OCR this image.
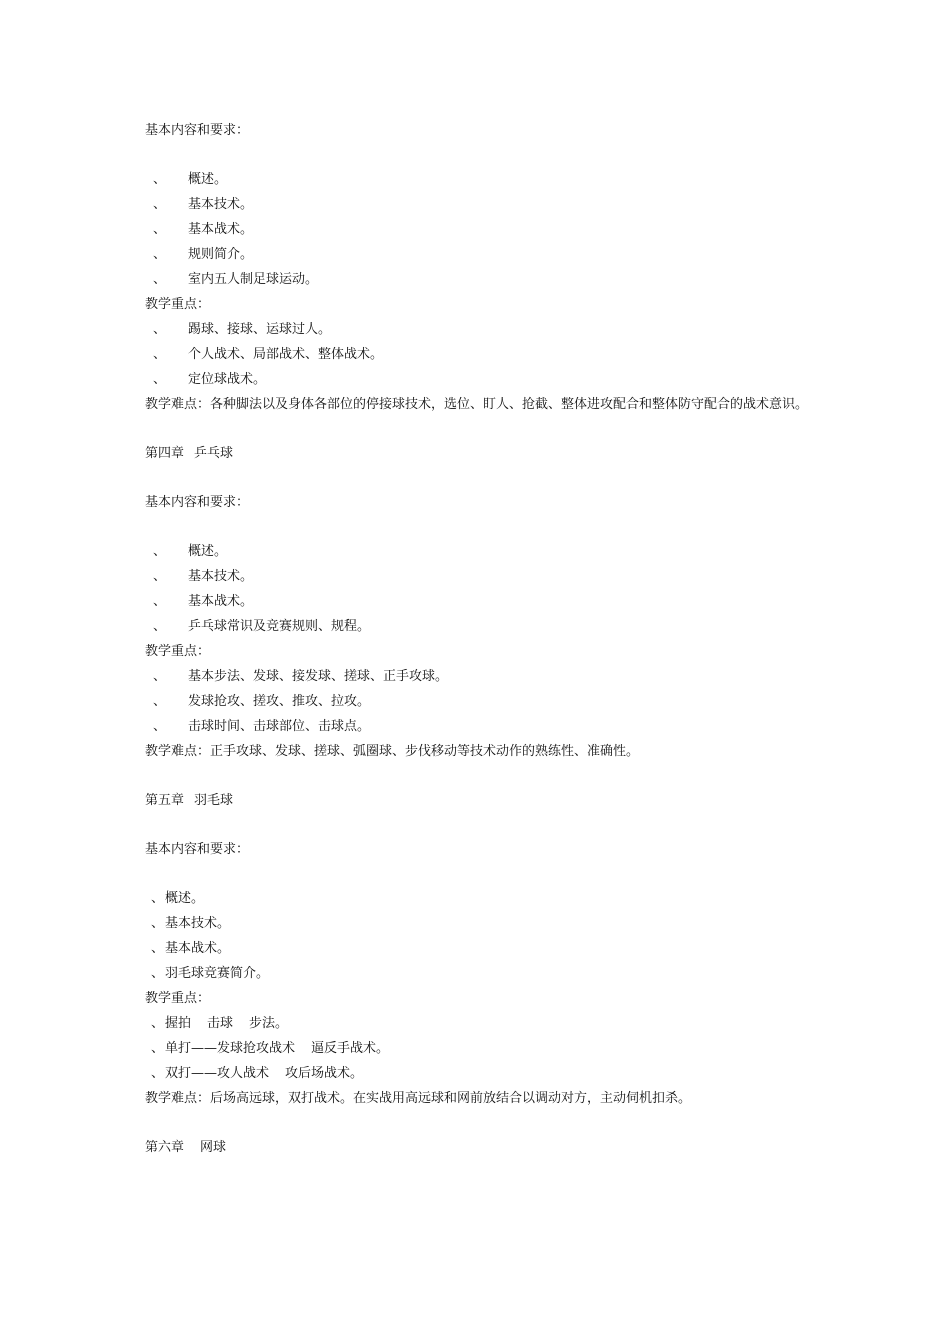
基本内容和要求：
、 概述。
、 基本技术。
、 基本战术。
、 规则简介。
、 室内五人制足球运动。
教学重点：
、 踢球、接球、运球过人。
、 个人战术、局部战术、整体战术。
、 定位球战术。
教学难点：各种脚法以及身体各部位的停接球技术，选位、盯人、抢截、整体进攻配合和整体防守配合的战术意识。
第四章 乒乓球
基本内容和要求：
、 概述。
、 基本技术。
、 基本战术。
、 乒乓球常识及竞赛规则、规程。
教学重点：
、 基本步法、发球、接发球、搓球、正手攻球。
、 发球抢攻、搓攻、推攻、拉攻。
、 击球时间、击球部位、击球点。
教学难点：正手攻球、发球、搓球、弧圈球、步伐移动等技术动作的熟练性、准确性。
第五章 羽毛球
基本内容和要求：
、概述。
、基本技术。
、基本战术。
、羽毛球竞赛简介。
教学重点：
、握拍 击球 步法。
、单打——发球抢攻战术 逼反手战术。
、双打——攻人战术 攻后场战术。
教学难点：后场高远球，双打战术。在实战用高远球和网前放结合以调动对方，主动伺机扣杀。
第六章 网球
